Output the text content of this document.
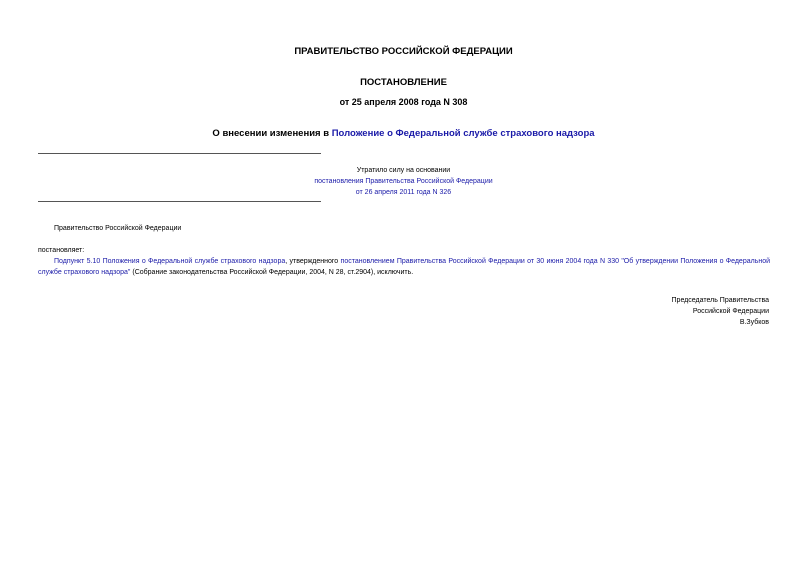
ПРАВИТЕЛЬСТВО РОССИЙСКОЙ ФЕДЕРАЦИИ
ПОСТАНОВЛЕНИЕ
от 25 апреля 2008 года N 308
О внесении изменения в Положение о Федеральной службе страхового надзора
Утратило силу на основании
постановления Правительства Российской Федерации
от 26 апреля 2011 года N 326
Правительство Российской Федерации
постановляет:
Подпункт 5.10 Положения о Федеральной службе страхового надзора, утвержденного постановлением Правительства Российской Федерации от 30 июня 2004 года N 330 "Об утверждении Положения о Федеральной службе страхового надзора" (Собрание законодательства Российской Федерации, 2004, N 28, ст.2904), исключить.
Председатель Правительства
Российской Федерации
В.Зубков
